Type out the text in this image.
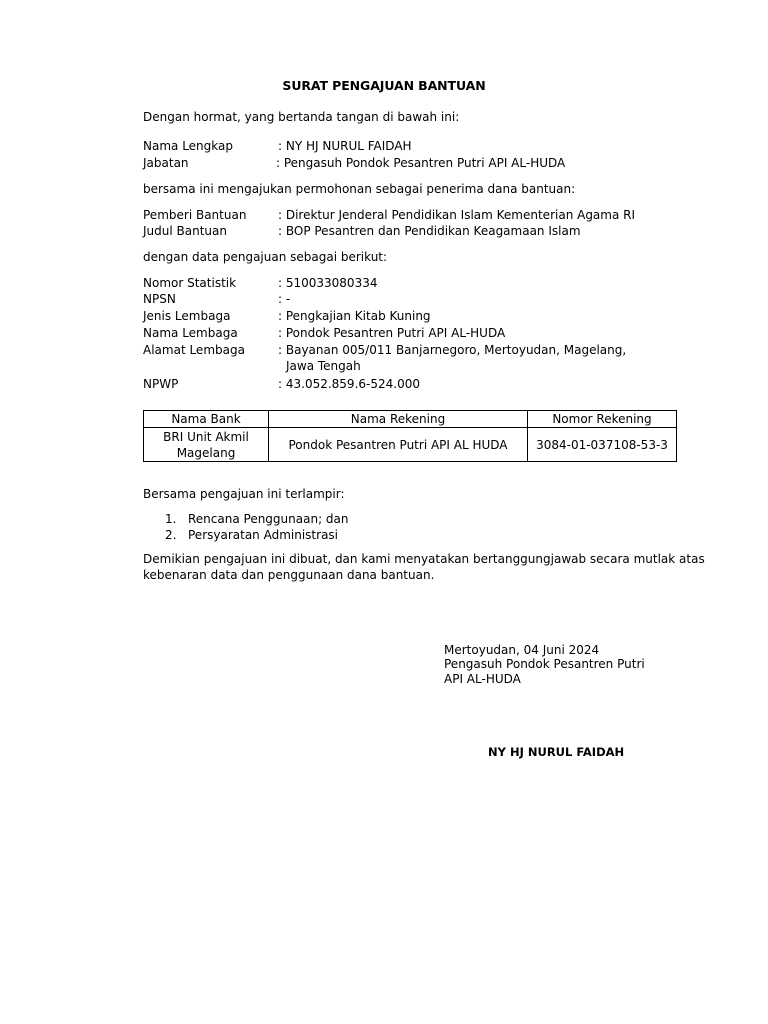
SURAT PENGAJUAN BANTUAN
Dengan hormat, yang bertanda tangan di bawah ini:
Nama Lengkap	: NY HJ NURUL FAIDAH
Jabatan	: Pengasuh Pondok Pesantren Putri API AL-HUDA
bersama ini mengajukan permohonan sebagai penerima dana bantuan:
Pemberi Bantuan	: Direktur Jenderal Pendidikan Islam Kementerian Agama RI
Judul Bantuan	: BOP Pesantren dan Pendidikan Keagamaan Islam
dengan data pengajuan sebagai berikut:
Nomor Statistik	: 510033080334
NPSN	: -
Jenis Lembaga	: Pengkajian Kitab Kuning
Nama Lembaga	: Pondok Pesantren Putri API AL-HUDA
Alamat Lembaga	: Bayanan 005/011 Banjarnegoro, Mertoyudan, Magelang,
Jawa Tengah
NPWP	: 43.052.859.6-524.000
Nama Bank	Nama Rekening	Nomor Rekening

BRI Unit Akmil
Magelang	Pondok Pesantren Putri API AL HUDA	3084-01-037108-53-3
Bersama pengajuan ini terlampir:
1. Rencana Penggunaan; dan
2. Persyaratan Administrasi
Demikian pengajuan ini dibuat, dan kami menyatakan bertanggungjawab secara mutlak atas
kebenaran data dan penggunaan dana bantuan.
Mertoyudan, 04 Juni 2024
Pengasuh Pondok Pesantren Putri
API AL-HUDA
NY HJ NURUL FAIDAH
